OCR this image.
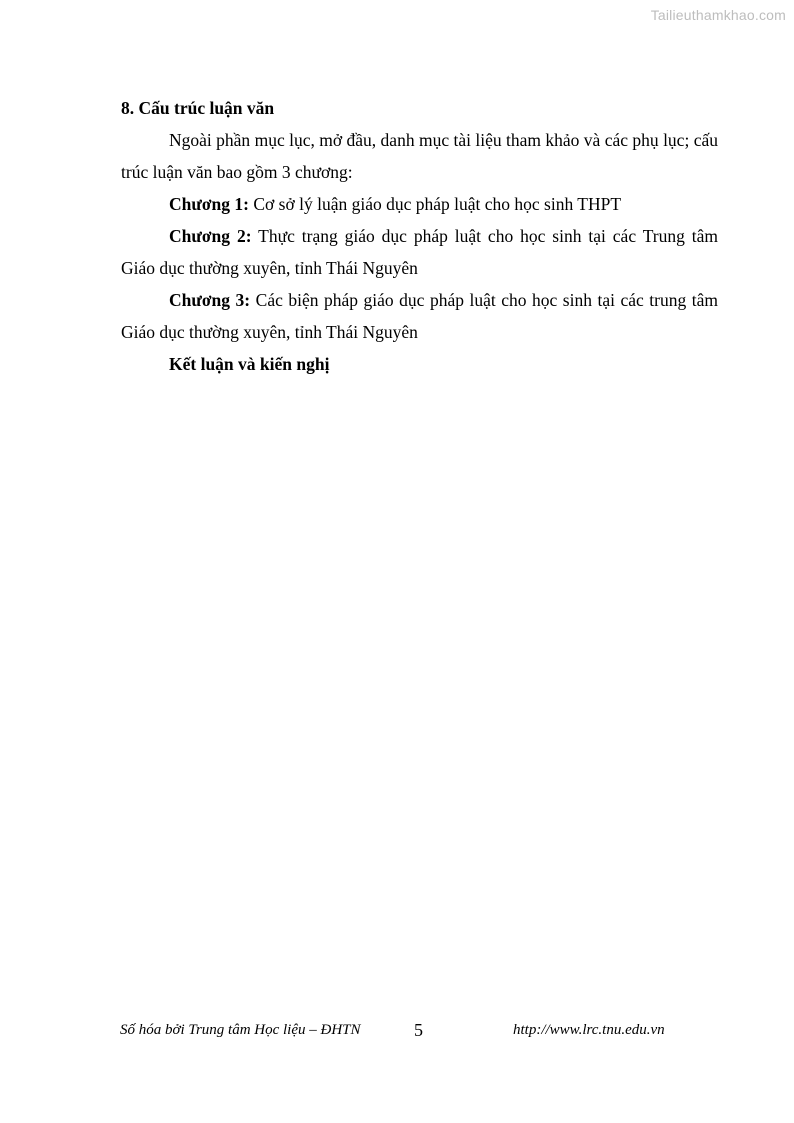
Tailieuthamkhao.com

8. Cấu trúc luận văn

Ngoài phần mục lục, mở đầu, danh mục tài liệu tham khảo và các phụ lục; cấu trúc luận văn bao gồm 3 chương:

Chương 1: Cơ sở lý luận giáo dục pháp luật cho học sinh THPT

Chương 2: Thực trạng giáo dục pháp luật cho học sinh tại các Trung tâm Giáo dục thường xuyên, tỉnh Thái Nguyên

Chương 3: Các biện pháp giáo dục pháp luật cho học sinh tại các trung tâm Giáo dục thường xuyên, tỉnh Thái Nguyên

Kết luận và kiến nghị

Số hóa bởi Trung tâm Học liệu – ĐHTN	5	http://www.lrc.tnu.edu.vn
